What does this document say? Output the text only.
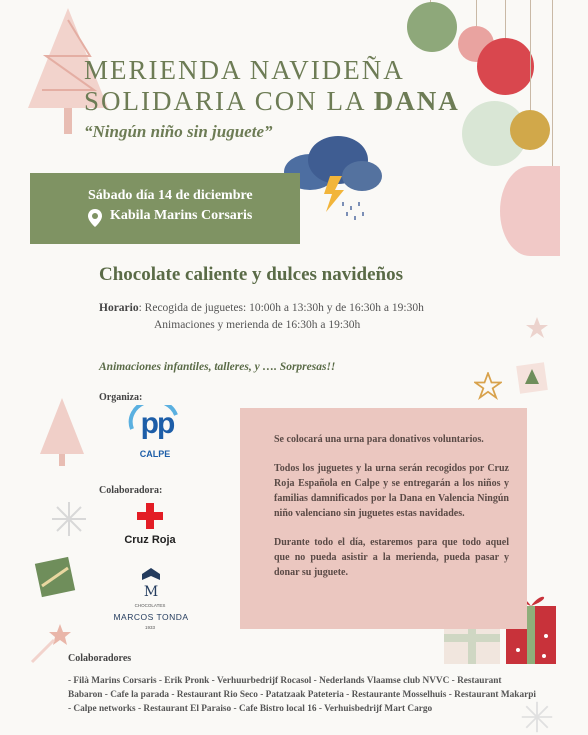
MERIENDA NAVIDEÑA
SOLIDARIA CON LA DANA
“Ningún niño sin juguete”
Sábado día 14 de diciembre
Kabila Marins Corsaris
Chocolate caliente y dulces navideños
Horario: Recogida de juguetes: 10:00h a 13:30h y de 16:30h a 19:30h
Animaciones y merienda de 16:30h a 19:30h
Animaciones infantiles, talleres, y …. Sorpresas!!
Organiza:
pp
CALPE
Colaboradora:
Cruz Roja
M
CHOCOLATES
MARCOS TONDA
1933

Se colocará una urna para donativos voluntarios.

Todos los juguetes y la urna serán recogidos por Cruz Roja Española en Calpe y se entregarán a los niños y familias damnificados por la Dana en Valencia Ningún niño valenciano sin juguetes estas navidades.

Durante todo el día, estaremos para que todo aquel que no pueda asistir a la merienda, pueda pasar y donar su juguete.

Colaboradores
- Filà Marins Corsaris - Erik Pronk - Verhuurbedrijf Rocasol - Nederlands Vlaamse club NVVC - Restaurant Babaron - Cafe la parada - Restaurant Rio Seco - Patatzaak Pateteria - Restaurante Mosselhuis - Restaurant Makarpi - Calpe networks - Restaurant El Paraiso - Cafe Bistro local 16 - Verhuisbedrijf Mart Cargo
